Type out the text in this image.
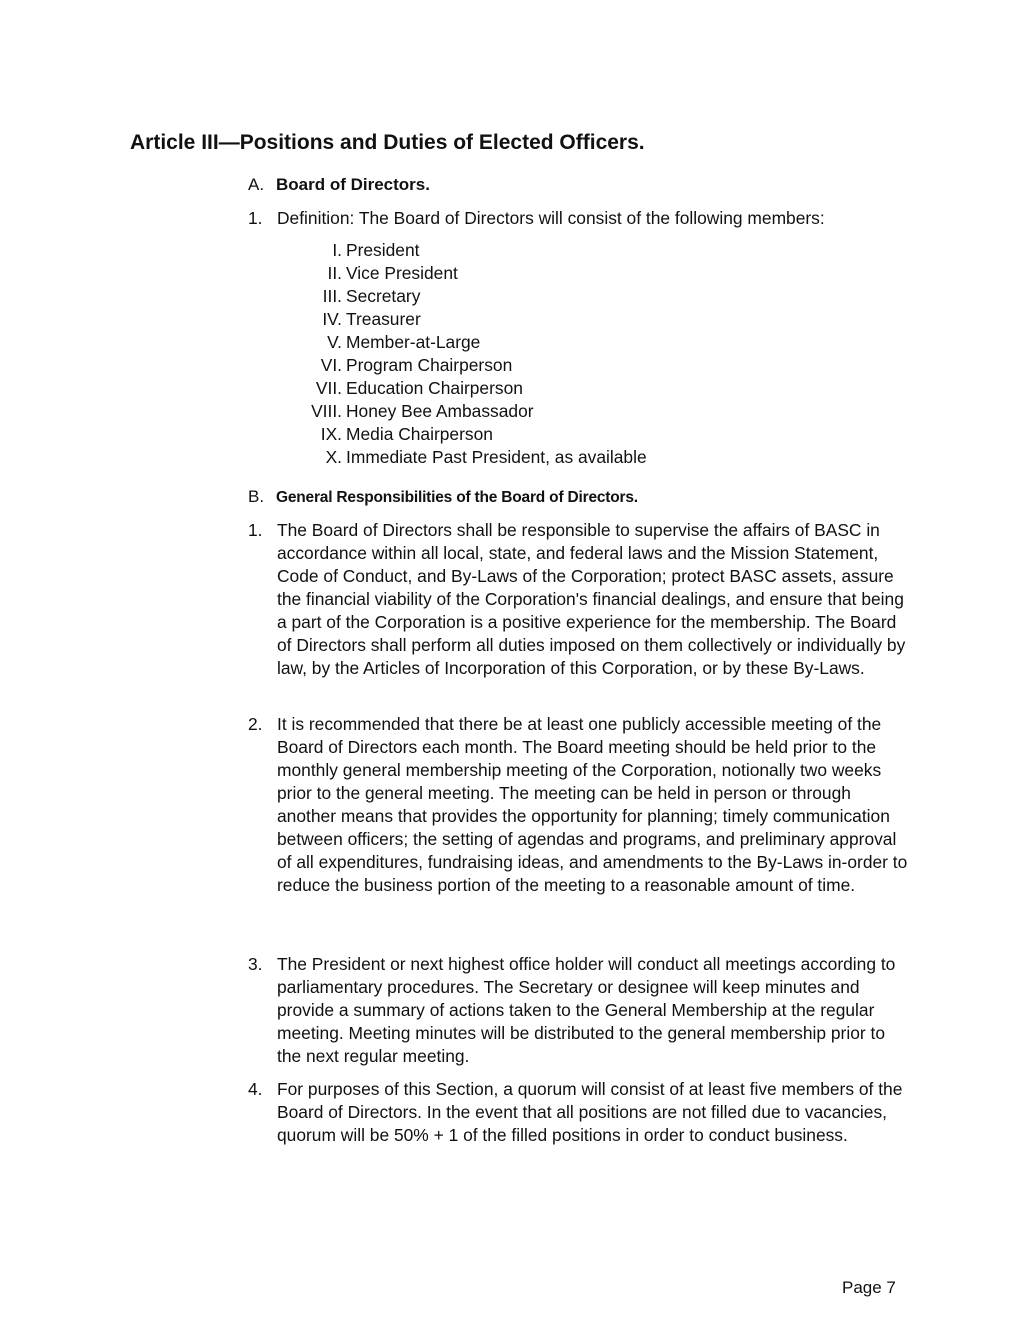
Article III—Positions and Duties of Elected Officers.
A. Board of Directors.
1. Definition: The Board of Directors will consist of the following members:
I. President
II. Vice President
III. Secretary
IV. Treasurer
V. Member-at-Large
VI. Program Chairperson
VII. Education Chairperson
VIII. Honey Bee Ambassador
IX. Media Chairperson
X. Immediate Past President, as available
B. General Responsibilities of the Board of Directors.
1. The Board of Directors shall be responsible to supervise the affairs of BASC in accordance within all local, state, and federal laws and the Mission Statement, Code of Conduct, and By-Laws of the Corporation; protect BASC assets, assure the financial viability of the Corporation's financial dealings, and ensure that being a part of the Corporation is a positive experience for the membership. The Board of Directors shall perform all duties imposed on them collectively or individually by law, by the Articles of Incorporation of this Corporation, or by these By-Laws.
2. It is recommended that there be at least one publicly accessible meeting of the Board of Directors each month. The Board meeting should be held prior to the monthly general membership meeting of the Corporation, notionally two weeks prior to the general meeting. The meeting can be held in person or through another means that provides the opportunity for planning; timely communication between officers; the setting of agendas and programs, and preliminary approval of all expenditures, fundraising ideas, and amendments to the By-Laws in-order to reduce the business portion of the meeting to a reasonable amount of time.
3. The President or next highest office holder will conduct all meetings according to parliamentary procedures. The Secretary or designee will keep minutes and provide a summary of actions taken to the General Membership at the regular meeting. Meeting minutes will be distributed to the general membership prior to the next regular meeting.
4. For purposes of this Section, a quorum will consist of at least five members of the Board of Directors. In the event that all positions are not filled due to vacancies, quorum will be 50% + 1 of the filled positions in order to conduct business.
Page 7
